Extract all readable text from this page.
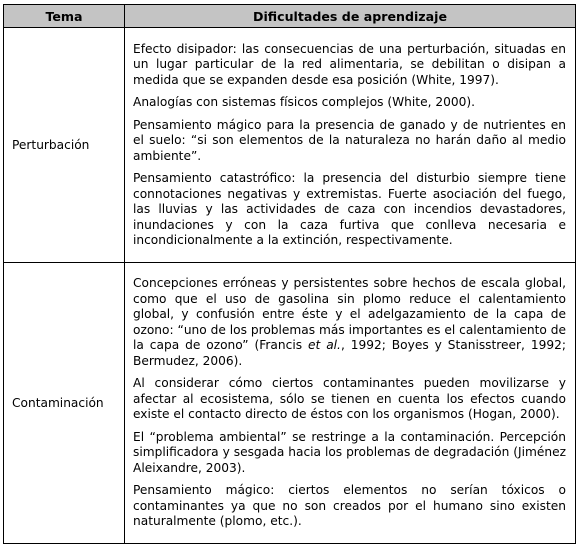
Tema	Dificultades de aprendizaje
Perturbación	Efecto disipador: las consecuencias de una perturbación, situadas en un lugar particular de la red alimentaria, se debilitan o disipan a medida que se expanden desde esa posición (White, 1997).

Analogías con sistemas físicos complejos (White, 2000).

Pensamiento mágico para la presencia de ganado y de nutrientes en el suelo: “si son elementos de la naturaleza no harán daño al medio ambiente”.

Pensamiento catastrófico: la presencia del disturbio siempre tiene connotaciones negativas y extremistas. Fuerte asociación del fuego, las lluvias y las actividades de caza con incendios devastadores, inundaciones y con la caza furtiva que conlleva necesaria e incondicionalmente a la extinción, respectivamente.

Contaminación	Concepciones erróneas y persistentes sobre hechos de escala global, como que el uso de gasolina sin plomo reduce el calentamiento global, y confusión entre éste y el adelgazamiento de la capa de ozono: “uno de los problemas más importantes es el calentamiento de la capa de ozono” (Francis et al., 1992; Boyes y Stanisstreer, 1992; Bermudez, 2006).

Al considerar cómo ciertos contaminantes pueden movilizarse y afectar al ecosistema, sólo se tienen en cuenta los efectos cuando existe el contacto directo de éstos con los organismos (Hogan, 2000).

El “problema ambiental” se restringe a la contaminación. Percepción simplificadora y sesgada hacia los problemas de degradación (Jiménez Aleixandre, 2003).

Pensamiento mágico: ciertos elementos no serían tóxicos o contaminantes ya que no son creados por el humano sino existen naturalmente (plomo, etc.).
